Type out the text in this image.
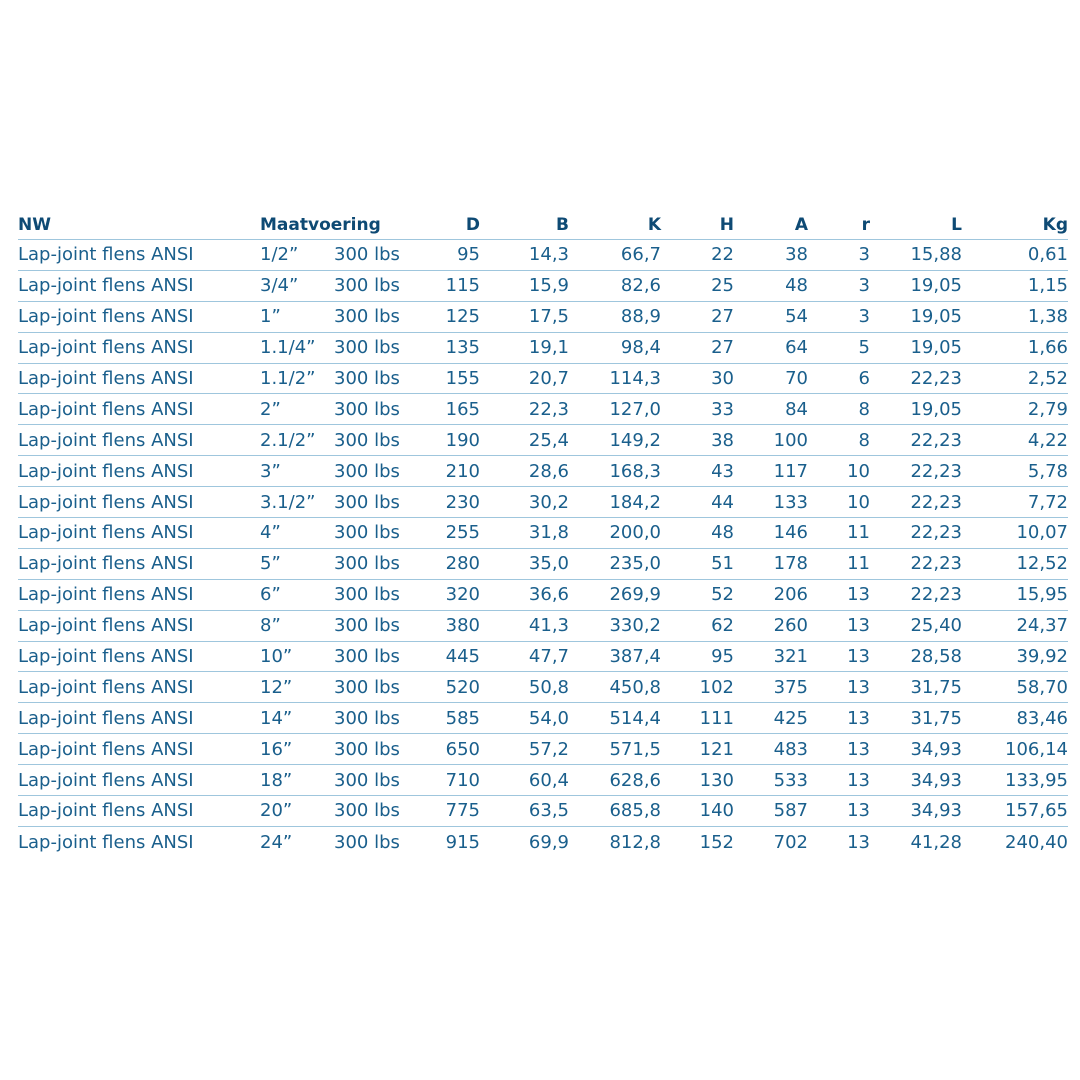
NW	Maatvoering	D	B	K	H	A	r	L	Kg
Lap-joint flens ANSI	1/2”	300 lbs	95	14,3	66,7	22	38	3	15,88	0,61
Lap-joint flens ANSI	3/4”	300 lbs	115	15,9	82,6	25	48	3	19,05	1,15
Lap-joint flens ANSI	1”	300 lbs	125	17,5	88,9	27	54	3	19,05	1,38
Lap-joint flens ANSI	1.1/4”	300 lbs	135	19,1	98,4	27	64	5	19,05	1,66
Lap-joint flens ANSI	1.1/2”	300 lbs	155	20,7	114,3	30	70	6	22,23	2,52
Lap-joint flens ANSI	2”	300 lbs	165	22,3	127,0	33	84	8	19,05	2,79
Lap-joint flens ANSI	2.1/2”	300 lbs	190	25,4	149,2	38	100	8	22,23	4,22
Lap-joint flens ANSI	3”	300 lbs	210	28,6	168,3	43	117	10	22,23	5,78
Lap-joint flens ANSI	3.1/2”	300 lbs	230	30,2	184,2	44	133	10	22,23	7,72
Lap-joint flens ANSI	4”	300 lbs	255	31,8	200,0	48	146	11	22,23	10,07
Lap-joint flens ANSI	5”	300 lbs	280	35,0	235,0	51	178	11	22,23	12,52
Lap-joint flens ANSI	6”	300 lbs	320	36,6	269,9	52	206	13	22,23	15,95
Lap-joint flens ANSI	8”	300 lbs	380	41,3	330,2	62	260	13	25,40	24,37
Lap-joint flens ANSI	10”	300 lbs	445	47,7	387,4	95	321	13	28,58	39,92
Lap-joint flens ANSI	12”	300 lbs	520	50,8	450,8	102	375	13	31,75	58,70
Lap-joint flens ANSI	14”	300 lbs	585	54,0	514,4	111	425	13	31,75	83,46
Lap-joint flens ANSI	16”	300 lbs	650	57,2	571,5	121	483	13	34,93	106,14
Lap-joint flens ANSI	18”	300 lbs	710	60,4	628,6	130	533	13	34,93	133,95
Lap-joint flens ANSI	20”	300 lbs	775	63,5	685,8	140	587	13	34,93	157,65
Lap-joint flens ANSI	24”	300 lbs	915	69,9	812,8	152	702	13	41,28	240,40
